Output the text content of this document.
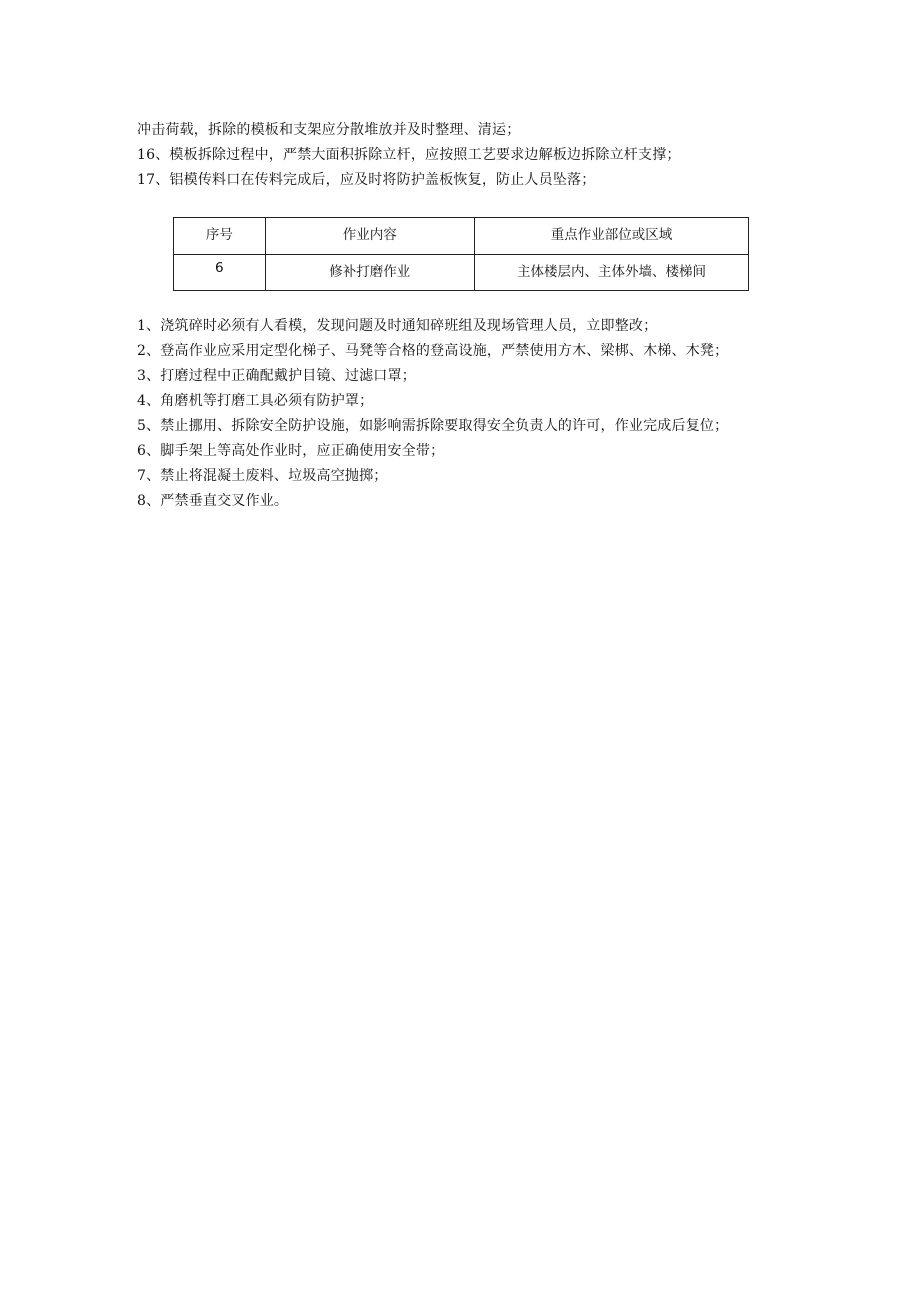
冲击荷载，拆除的模板和支架应分散堆放并及时整理、清运；
16、模板拆除过程中，严禁大面积拆除立杆，应按照工艺要求边解板边拆除立杆支撑；
17、铝模传料口在传料完成后，应及时将防护盖板恢复，防止人员坠落；
序号	作业内容	重点作业部位或区域
6	修补打磨作业	主体楼层内、主体外墙、楼梯间
1、浇筑碎时必须有人看模，发现问题及时通知碎班组及现场管理人员，立即整改；
2、登高作业应采用定型化梯子、马凳等合格的登高设施，严禁使用方木、梁梆、木梯、木凳；
3、打磨过程中正确配戴护目镜、过滤口罩；
4、角磨机等打磨工具必须有防护罩；
5、禁止挪用、拆除安全防护设施，如影响需拆除要取得安全负责人的许可，作业完成后复位；
6、脚手架上等高处作业时，应正确使用安全带；
7、禁止将混凝土废料、垃圾高空抛掷；
8、严禁垂直交叉作业。
